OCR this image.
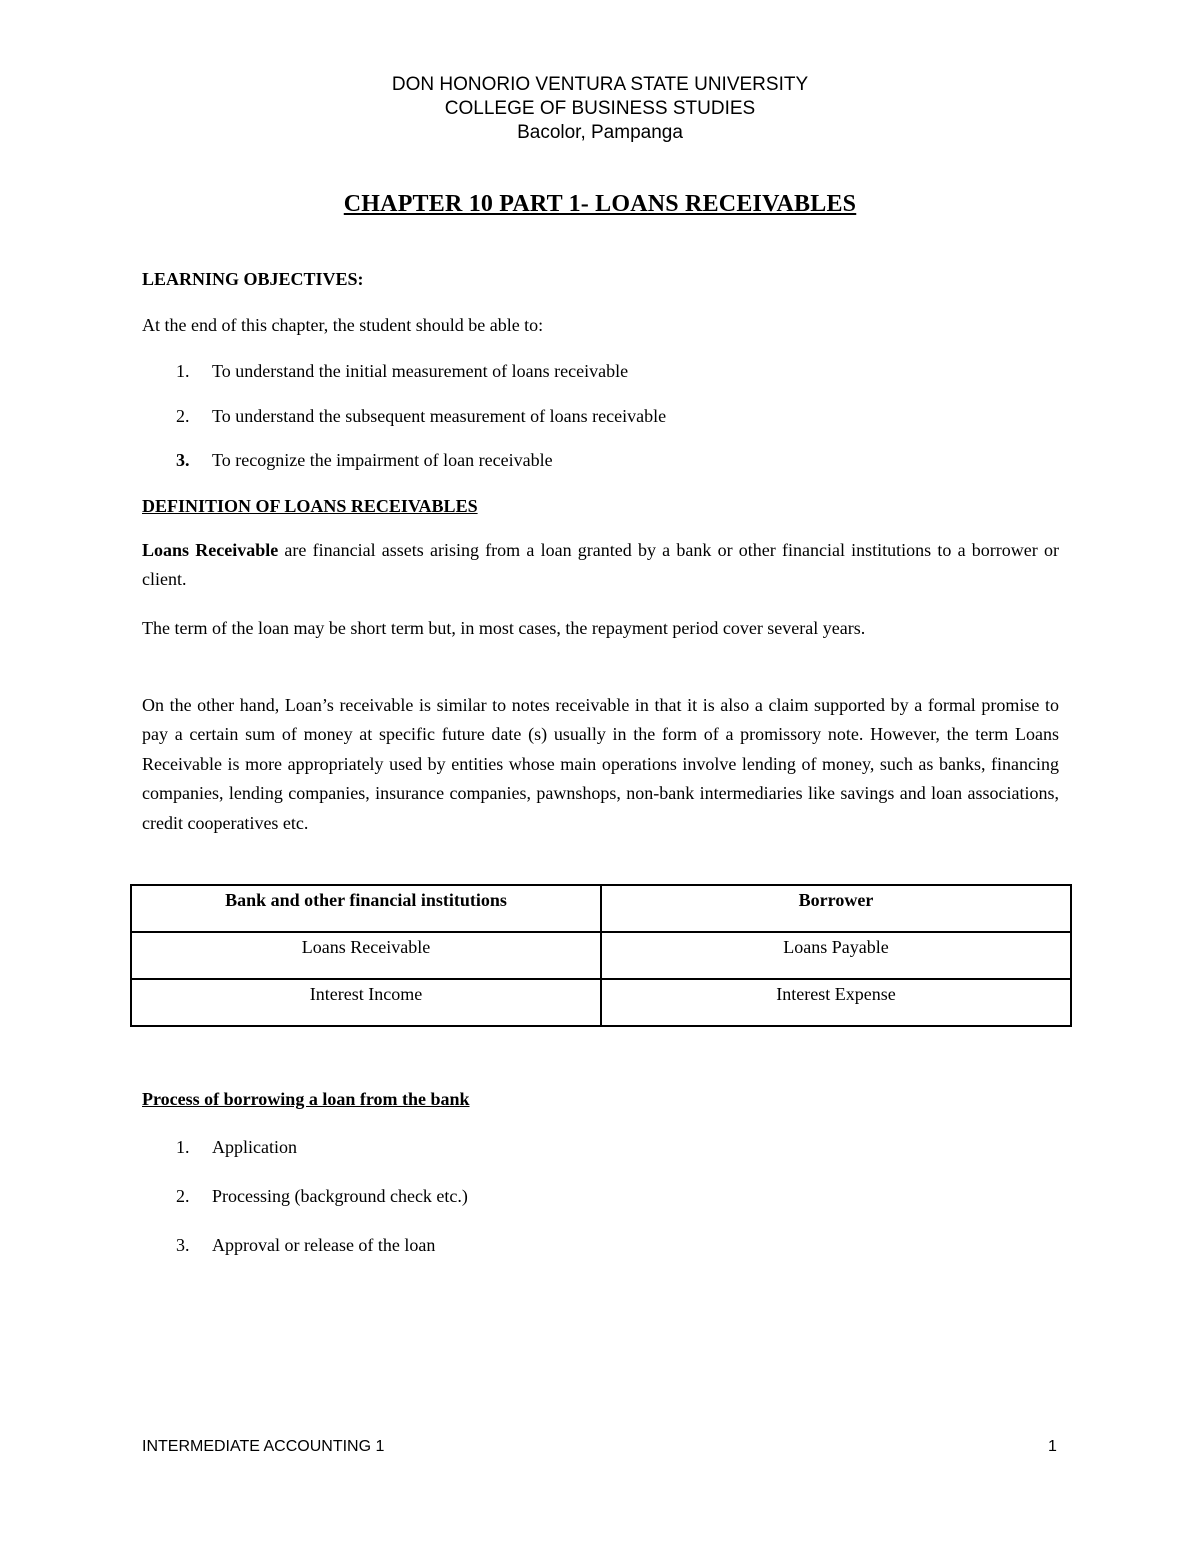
DON HONORIO VENTURA STATE UNIVERSITY
COLLEGE OF BUSINESS STUDIES
Bacolor, Pampanga
CHAPTER 10 PART 1- LOANS RECEIVABLES
LEARNING OBJECTIVES:
At the end of this chapter, the student should be able to:
1. To understand the initial measurement of loans receivable
2. To understand the subsequent measurement of loans receivable
3. To recognize the impairment of loan receivable
DEFINITION OF LOANS RECEIVABLES
Loans Receivable are financial assets arising from a loan granted by a bank or other financial institutions to a borrower or client.
The term of the loan may be short term but, in most cases, the repayment period cover several years.
On the other hand, Loan’s receivable is similar to notes receivable in that it is also a claim supported by a formal promise to pay a certain sum of money at specific future date (s) usually in the form of a promissory note. However, the term Loans Receivable is more appropriately used by entities whose main operations involve lending of money, such as banks, financing companies, lending companies, insurance companies, pawnshops, non-bank intermediaries like savings and loan associations, credit cooperatives etc.
Bank and other financial institutions	Borrower
Loans Receivable	Loans Payable
Interest Income	Interest Expense
Process of borrowing a loan from the bank
1. Application
2. Processing (background check etc.)
3. Approval or release of the loan
INTERMEDIATE ACCOUNTING 1	1
